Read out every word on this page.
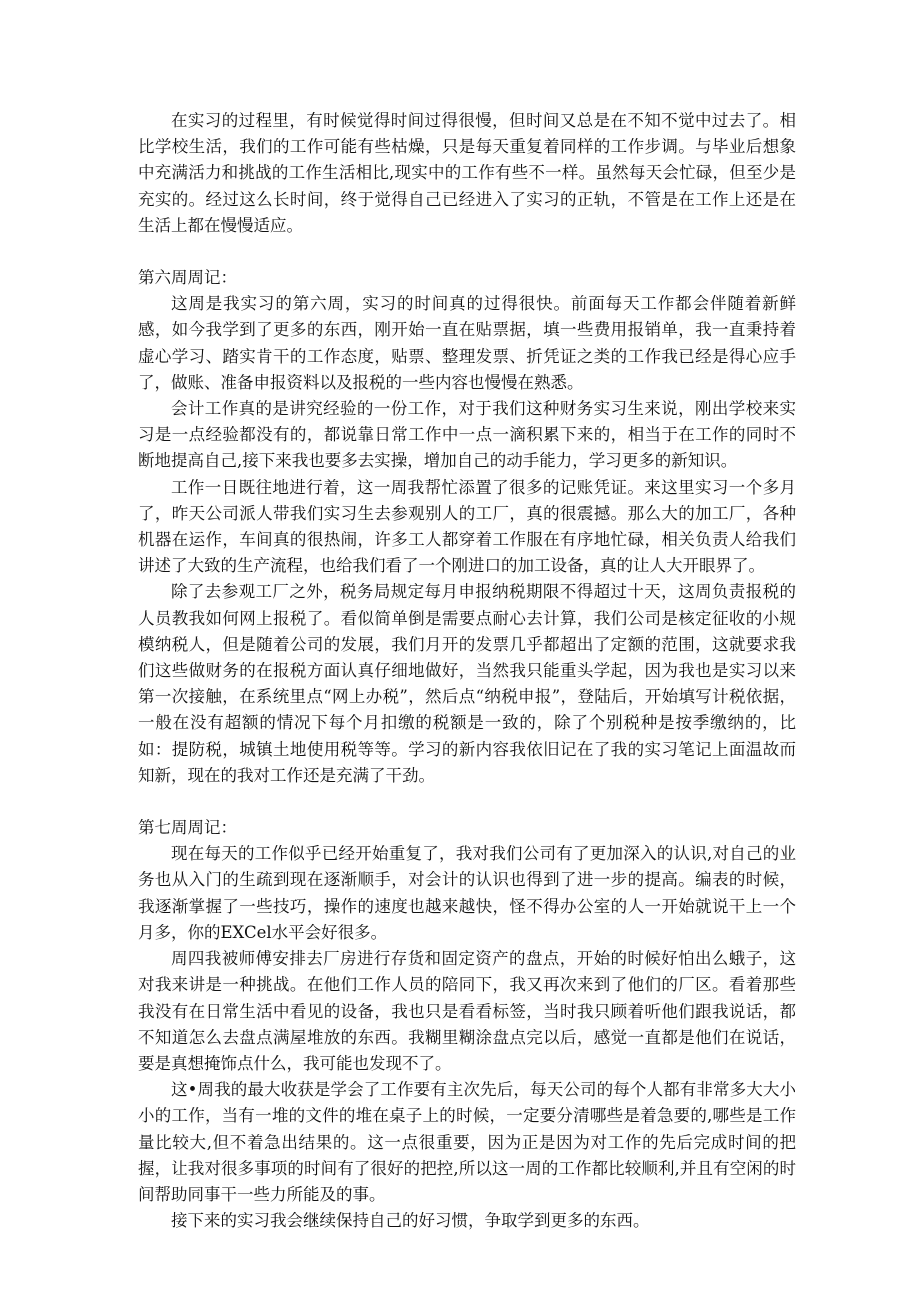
在实习的过程里，有时候觉得时间过得很慢，但时间又总是在不知不觉中过去了。相比学校生活，我们的工作可能有些枯燥，只是每天重复着同样的工作步调。与毕业后想象中充满活力和挑战的工作生活相比,现实中的工作有些不一样。虽然每天会忙碌，但至少是充实的。经过这么长时间，终于觉得自己已经进入了实习的正轨，不管是在工作上还是在生活上都在慢慢适应。

第六周周记：

这周是我实习的第六周，实习的时间真的过得很快。前面每天工作都会伴随着新鲜感，如今我学到了更多的东西，刚开始一直在贴票据，填一些费用报销单，我一直秉持着虚心学习、踏实肯干的工作态度，贴票、整理发票、折凭证之类的工作我已经是得心应手了，做账、准备申报资料以及报税的一些内容也慢慢在熟悉。

会计工作真的是讲究经验的一份工作，对于我们这种财务实习生来说，刚出学校来实习是一点经验都没有的，都说靠日常工作中一点一滴积累下来的，相当于在工作的同时不断地提高自己,接下来我也要多去实操，增加自己的动手能力，学习更多的新知识。

工作一日既往地进行着，这一周我帮忙添置了很多的记账凭证。来这里实习一个多月了，昨天公司派人带我们实习生去参观别人的工厂，真的很震撼。那么大的加工厂，各种机器在运作，车间真的很热闹，许多工人都穿着工作服在有序地忙碌，相关负责人给我们讲述了大致的生产流程，也给我们看了一个刚进口的加工设备，真的让人大开眼界了。

除了去参观工厂之外，税务局规定每月申报纳税期限不得超过十天，这周负责报税的人员教我如何网上报税了。看似简单倒是需要点耐心去计算，我们公司是核定征收的小规模纳税人，但是随着公司的发展，我们月开的发票几乎都超出了定额的范围，这就要求我们这些做财务的在报税方面认真仔细地做好，当然我只能重头学起，因为我也是实习以来第一次接触，在系统里点“网上办税”，然后点“纳税申报”，登陆后，开始填写计税依据，一般在没有超额的情况下每个月扣缴的税额是一致的，除了个别税种是按季缴纳的，比如：提防税，城镇土地使用税等等。学习的新内容我依旧记在了我的实习笔记上面温故而知新，现在的我对工作还是充满了干劲。

第七周周记：

现在每天的工作似乎已经开始重复了，我对我们公司有了更加深入的认识,对自己的业务也从入门的生疏到现在逐渐顺手，对会计的认识也得到了进一步的提高。编表的时候，我逐渐掌握了一些技巧，操作的速度也越来越快，怪不得办公室的人一开始就说干上一个月多，你的EXCel水平会好很多。

周四我被师傅安排去厂房进行存货和固定资产的盘点，开始的时候好怕出么蛾子，这对我来讲是一种挑战。在他们工作人员的陪同下，我又再次来到了他们的厂区。看着那些我没有在日常生活中看见的设备，我也只是看看标签，当时我只顾着听他们跟我说话，都不知道怎么去盘点满屋堆放的东西。我糊里糊涂盘点完以后，感觉一直都是他们在说话，要是真想掩饰点什么，我可能也发现不了。

这•周我的最大收获是学会了工作要有主次先后，每天公司的每个人都有非常多大大小小的工作，当有一堆的文件的堆在桌子上的时候，一定要分清哪些是着急要的,哪些是工作量比较大,但不着急出结果的。这一点很重要，因为正是因为对工作的先后完成时间的把握，让我对很多事项的时间有了很好的把控,所以这一周的工作都比较顺利,并且有空闲的时间帮助同事干一些力所能及的事。

接下来的实习我会继续保持自己的好习惯，争取学到更多的东西。
